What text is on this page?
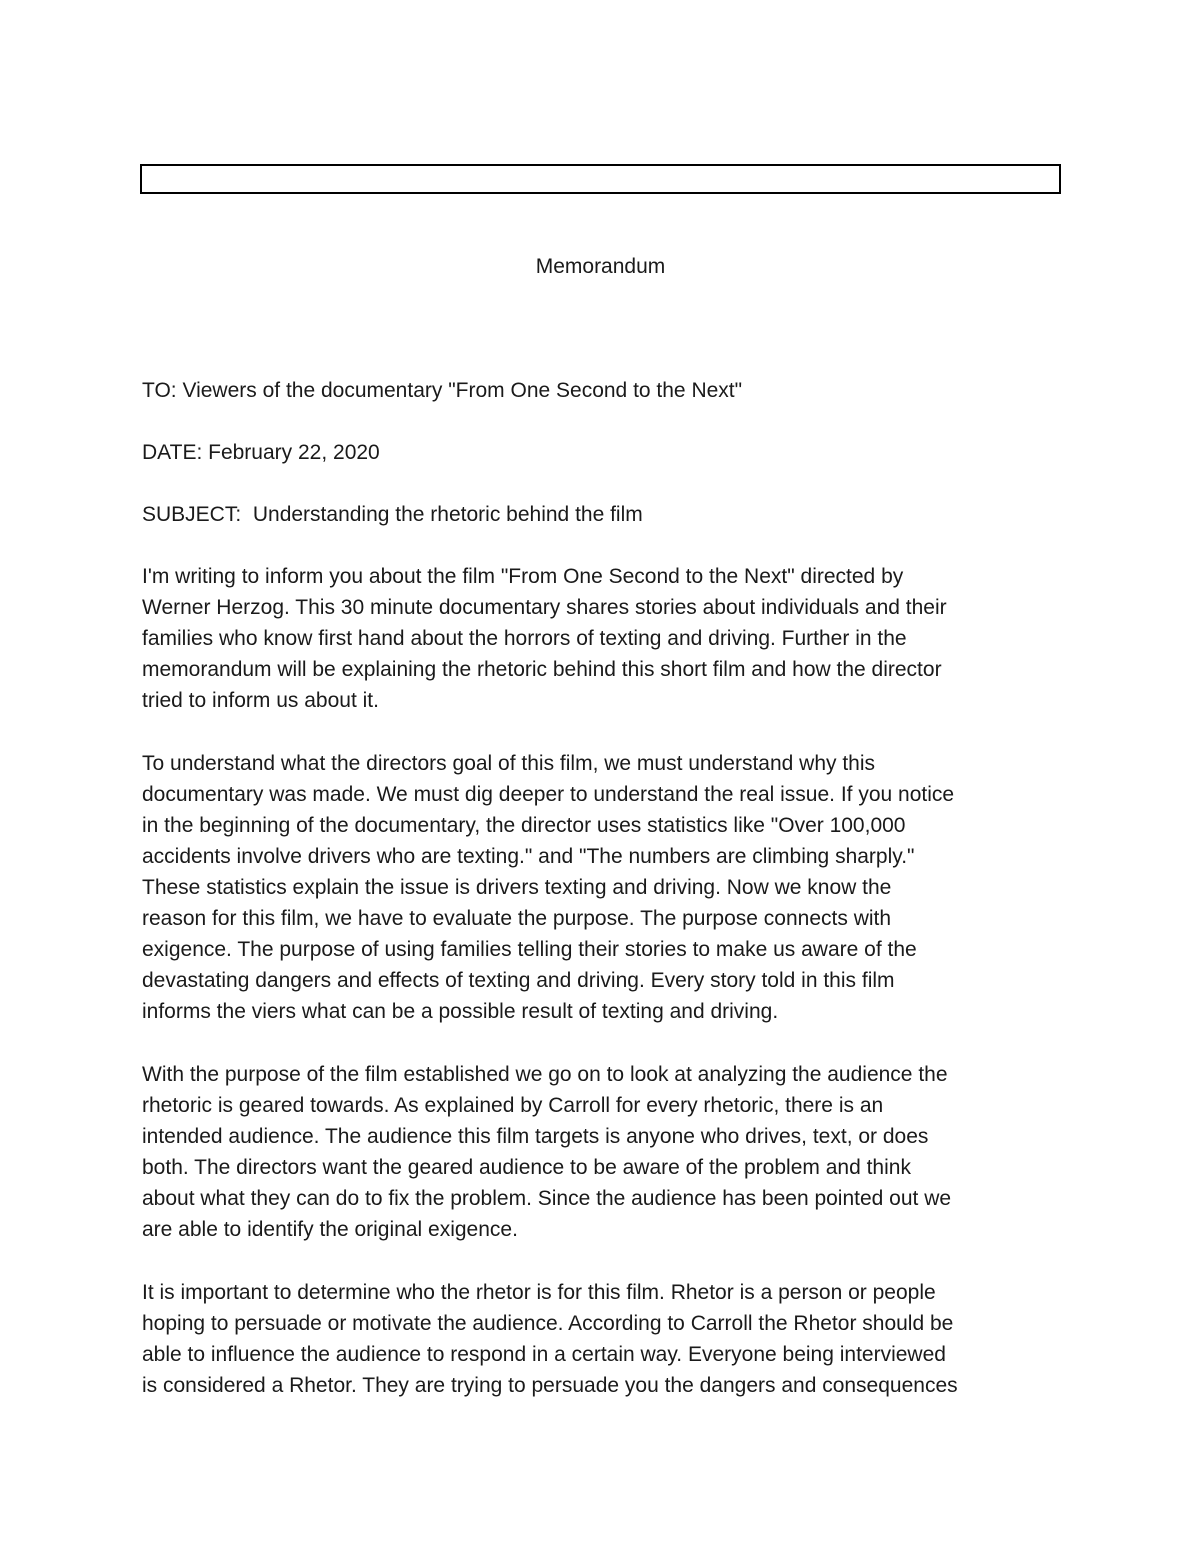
Memorandum
TO: Viewers of the documentary "From One Second to the Next"
DATE: February 22, 2020
SUBJECT:  Understanding the rhetoric behind the film

I'm writing to inform you about the film "From One Second to the Next" directed by
Werner Herzog. This 30 minute documentary shares stories about individuals and their
families who know first hand about the horrors of texting and driving. Further in the
memorandum will be explaining the rhetoric behind this short film and how the director
tried to inform us about it.

To understand what the directors goal of this film, we must understand why this
documentary was made. We must dig deeper to understand the real issue. If you notice
in the beginning of the documentary, the director uses statistics like "Over 100,000
accidents involve drivers who are texting." and "The numbers are climbing sharply."
These statistics explain the issue is drivers texting and driving. Now we know the
reason for this film, we have to evaluate the purpose. The purpose connects with
exigence. The purpose of using families telling their stories to make us aware of the
devastating dangers and effects of texting and driving. Every story told in this film
informs the viers what can be a possible result of texting and driving.

With the purpose of the film established we go on to look at analyzing the audience the
rhetoric is geared towards. As explained by Carroll for every rhetoric, there is an
intended audience. The audience this film targets is anyone who drives, text, or does
both. The directors want the geared audience to be aware of the problem and think
about what they can do to fix the problem. Since the audience has been pointed out we
are able to identify the original exigence.

It is important to determine who the rhetor is for this film. Rhetor is a person or people
hoping to persuade or motivate the audience. According to Carroll the Rhetor should be
able to influence the audience to respond in a certain way. Everyone being interviewed
is considered a Rhetor. They are trying to persuade you the dangers and consequences
